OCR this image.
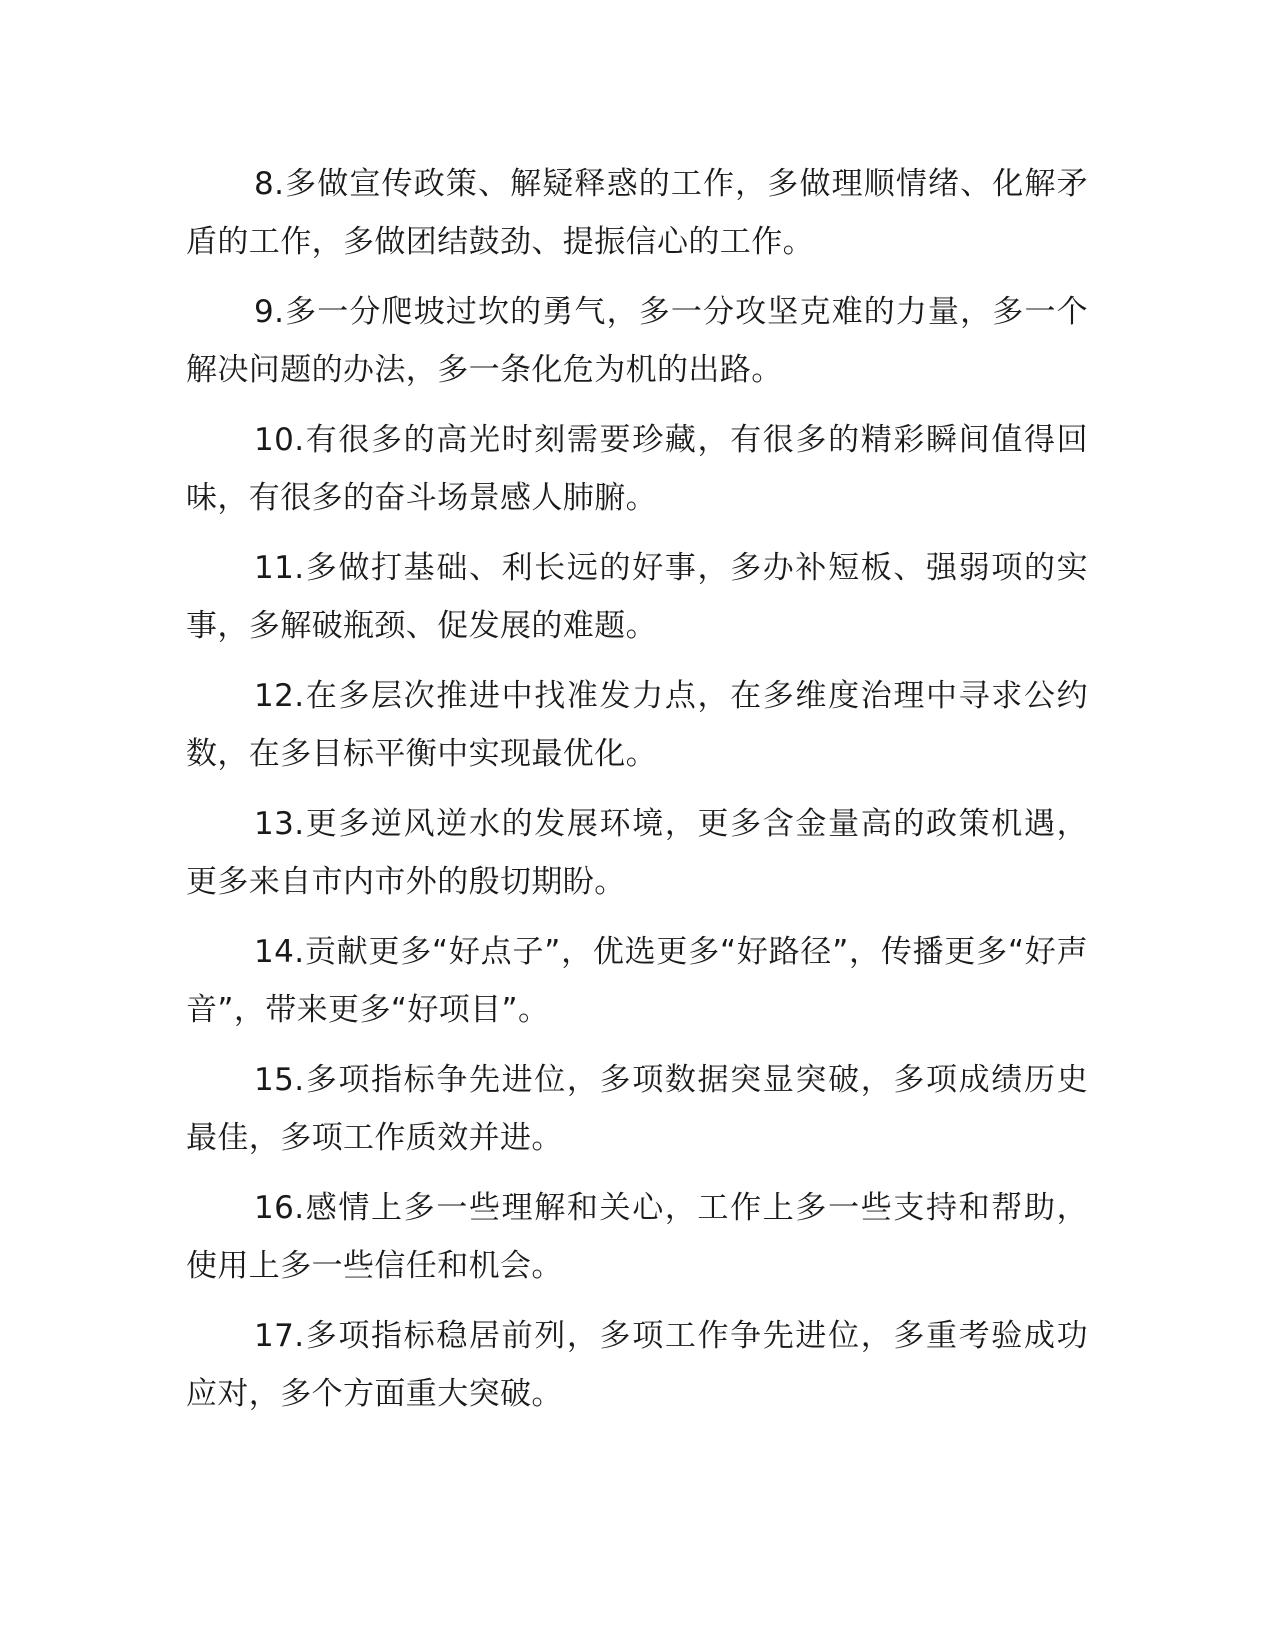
8.多做宣传政策、解疑释惑的工作，多做理顺情绪、化解矛盾的工作，多做团结鼓劲、提振信心的工作。

9.多一分爬坡过坎的勇气，多一分攻坚克难的力量，多一个解决问题的办法，多一条化危为机的出路。

10.有很多的高光时刻需要珍藏，有很多的精彩瞬间值得回味，有很多的奋斗场景感人肺腑。

11.多做打基础、利长远的好事，多办补短板、强弱项的实事，多解破瓶颈、促发展的难题。

12.在多层次推进中找准发力点，在多维度治理中寻求公约数，在多目标平衡中实现最优化。

13.更多逆风逆水的发展环境，更多含金量高的政策机遇，更多来自市内市外的殷切期盼。

14.贡献更多“好点子”，优选更多“好路径”，传播更多“好声音”，带来更多“好项目”。

15.多项指标争先进位，多项数据突显突破，多项成绩历史最佳，多项工作质效并进。

16.感情上多一些理解和关心，工作上多一些支持和帮助，使用上多一些信任和机会。

17.多项指标稳居前列，多项工作争先进位，多重考验成功应对，多个方面重大突破。
